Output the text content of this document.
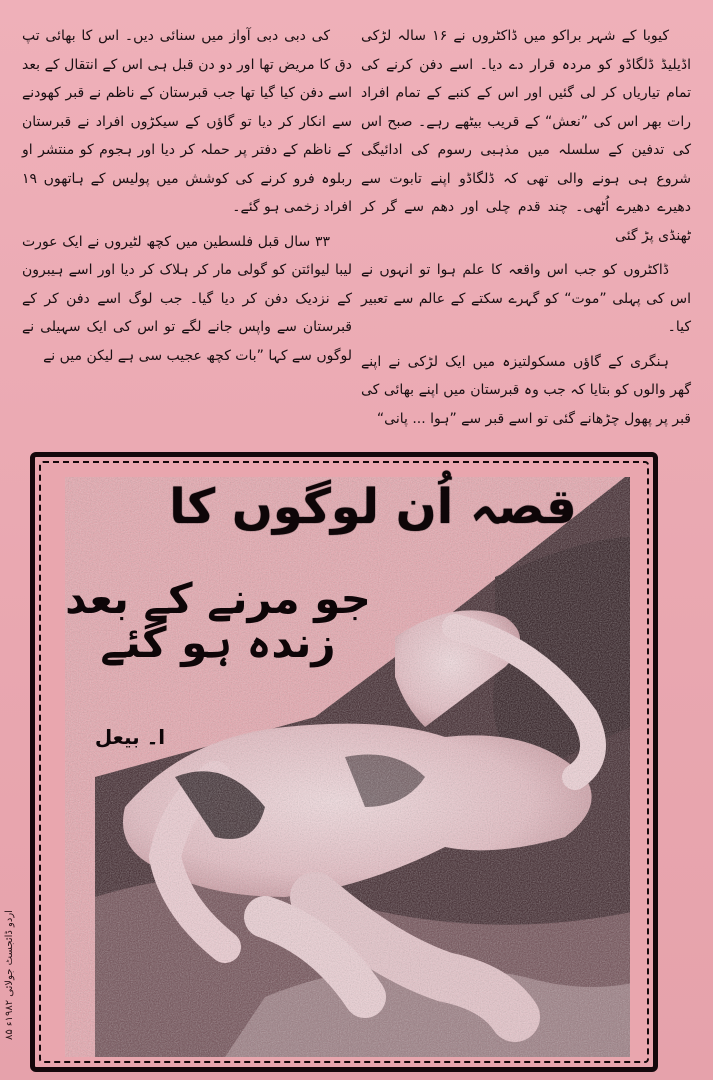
کیوبا کے شہر براکو میں ڈاکٹروں نے ۱۶ سالہ لڑکی اڈیلیڈ ڈلگاڈو کو مردہ قرار دے دیا۔ اسے دفن کرنے کی تمام تیاریاں کر لی گئیں اور اس کے کنبے کے تمام افراد رات بھر اس کی ”نعش“ کے قریب بیٹھے رہے۔ صبح اس کی تدفین کے سلسلہ میں مذہبی رسوم کی ادائیگی شروع ہی ہونے والی تھی کہ ڈلگاڈو اپنے تابوت سے دھیرے دھیرے اُٹھی۔ چند قدم چلی اور دھم سے گر کر ٹھنڈی پڑ گئی

ڈاکٹروں کو جب اس واقعہ کا علم ہوا تو انہوں نے اس کی پہلی ”موت“ کو گہرے سکتے کے عالم سے تعبیر کیا۔

ہنگری کے گاؤں مسکولتیزہ میں ایک لڑکی نے اپنے گھر والوں کو بتایا کہ جب وہ قبرستان میں اپنے بھائی کی قبر پر پھول چڑھانے گئی تو اسے قبر سے ”ہوا ... پانی“

کی دبی دبی آواز میں سنائی دیں۔ اس کا بھائی تپ دق کا مریض تھا اور دو دن قبل ہی اس کے انتقال کے بعد اسے دفن کیا گیا تھا جب قبرستان کے ناظم نے قبر کھودنے سے انکار کر دیا تو گاؤں کے سیکڑوں افراد نے قبرستان کے ناظم کے دفتر پر حملہ کر دیا اور ہجوم کو منتشر او ربلوہ فرو کرنے کی کوشش میں پولیس کے ہاتھوں ۱۹ افراد زخمی ہو گئے۔

۳۳ سال قبل فلسطین میں کچھ لٹیروں نے ایک عورت لیبا لیوائتن کو گولی مار کر ہلاک کر دیا اور اسے ہیبرون کے نزدیک دفن کر دیا گیا۔ جب لوگ اسے دفن کر کے قبرستان سے واپس جانے لگے تو اس کی ایک سہیلی نے لوگوں سے کہا ”بات کچھ عجیب سی ہے لیکن میں نے

قصہ اُن لوگوں کا
جو مرنے کے بعد زندہ ہو گئے
ا۔ بیعل
اردو ڈائجسٹ جولائی ۱۹۸۲ء ۸۵
